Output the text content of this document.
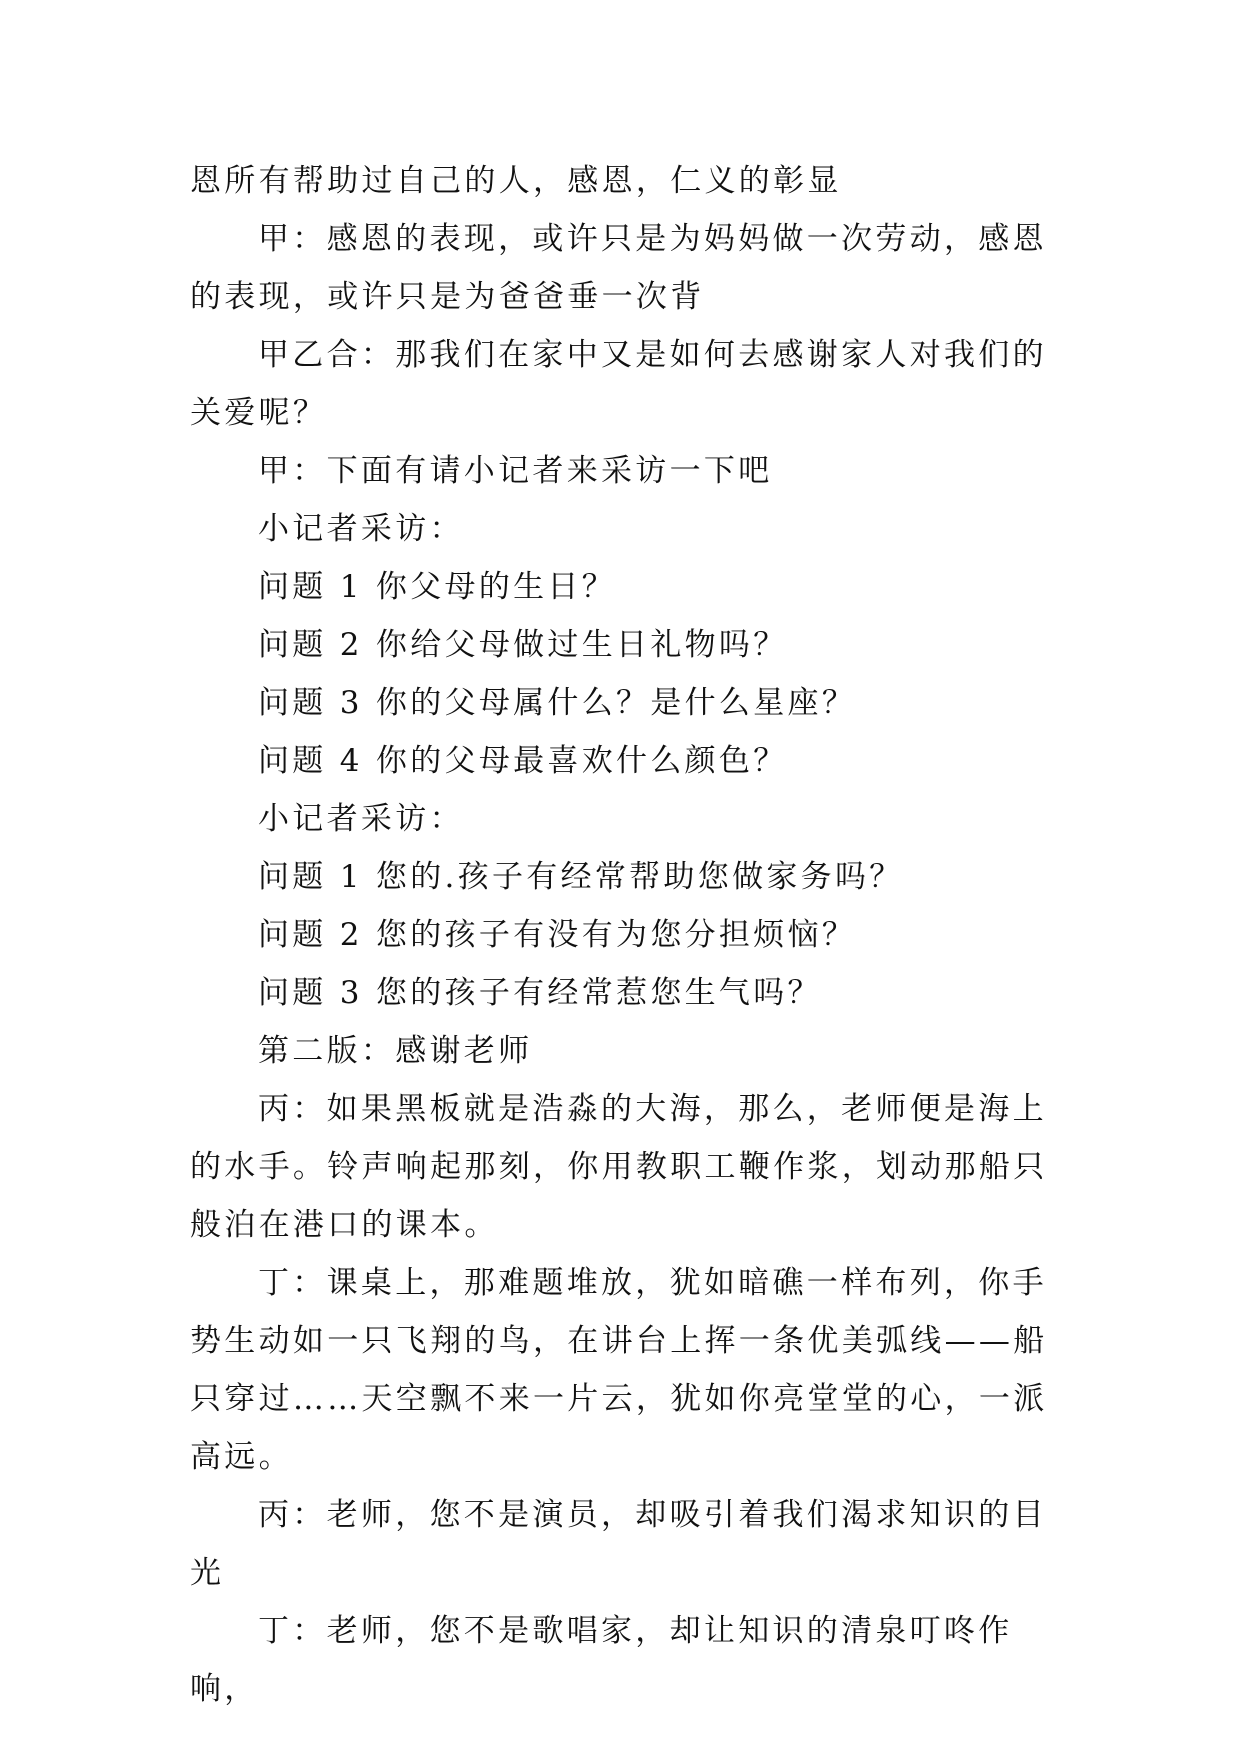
恩所有帮助过自己的人，感恩，仁义的彰显

甲：感恩的表现，或许只是为妈妈做一次劳动，感恩的表现，或许只是为爸爸垂一次背

甲乙合：那我们在家中又是如何去感谢家人对我们的关爱呢？

甲：下面有请小记者来采访一下吧

小记者采访：

问题 1 你父母的生日？

问题 2 你给父母做过生日礼物吗？

问题 3 你的父母属什么？是什么星座？

问题 4 你的父母最喜欢什么颜色？

小记者采访：

问题 1 您的.孩子有经常帮助您做家务吗？

问题 2 您的孩子有没有为您分担烦恼？

问题 3 您的孩子有经常惹您生气吗？

第二版：感谢老师

丙：如果黑板就是浩淼的大海，那么，老师便是海上的水手。铃声响起那刻，你用教职工鞭作浆，划动那船只般泊在港口的课本。

丁：课桌上，那难题堆放，犹如暗礁一样布列，你手势生动如一只飞翔的鸟，在讲台上挥一条优美弧线——船只穿过……天空飘不来一片云，犹如你亮堂堂的心，一派高远。

丙：老师，您不是演员，却吸引着我们渴求知识的目光

丁：老师，您不是歌唱家，却让知识的清泉叮咚作响，
